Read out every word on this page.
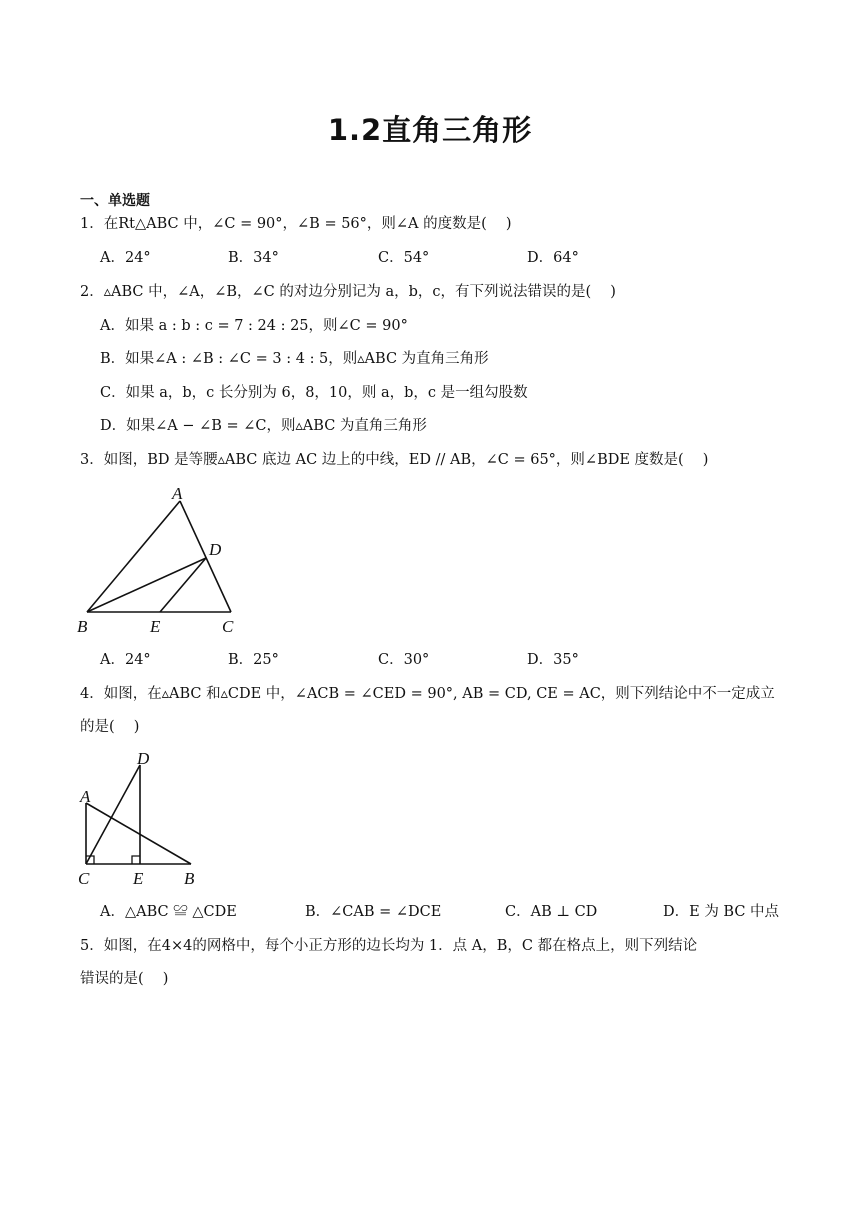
1.2直角三角形
一、单选题
1．在Rt△ABC 中，∠C = 90°，∠B = 56°，则∠A 的度数是(　 )
A．24°	B．34°	C．54°	D．64°
2．▵ABC 中，∠A，∠B，∠C 的对边分别记为 a，b，c，有下列说法错误的是(　 )
A．如果 a : b : c = 7 : 24 : 25，则∠C = 90°
B．如果∠A : ∠B : ∠C = 3 : 4 : 5，则▵ABC 为直角三角形
C．如果 a，b，c 长分别为 6，8，10，则 a，b，c 是一组勾股数
D．如果∠A − ∠B = ∠C，则▵ABC 为直角三角形
3．如图，BD 是等腰▵ABC 底边 AC 边上的中线，ED // AB，∠C = 65°，则∠BDE 度数是(　 )
A
D
B	E	C
A．24°	B．25°	C．30°	D．35°
4．如图，在▵ABC 和▵CDE 中，∠ACB = ∠CED = 90°, AB = CD, CE = AC，则下列结论中不一定成立
的是(　 )
D
A
C	E B
A．△ABC ≌ △CDE	B．∠CAB = ∠DCE	C．AB ⊥ CD	D．E 为 BC 中点
5．如图，在4×4的网格中，每个小正方形的边长均为 1．点 A，B，C 都在格点上，则下列结论
错误的是(　 )
